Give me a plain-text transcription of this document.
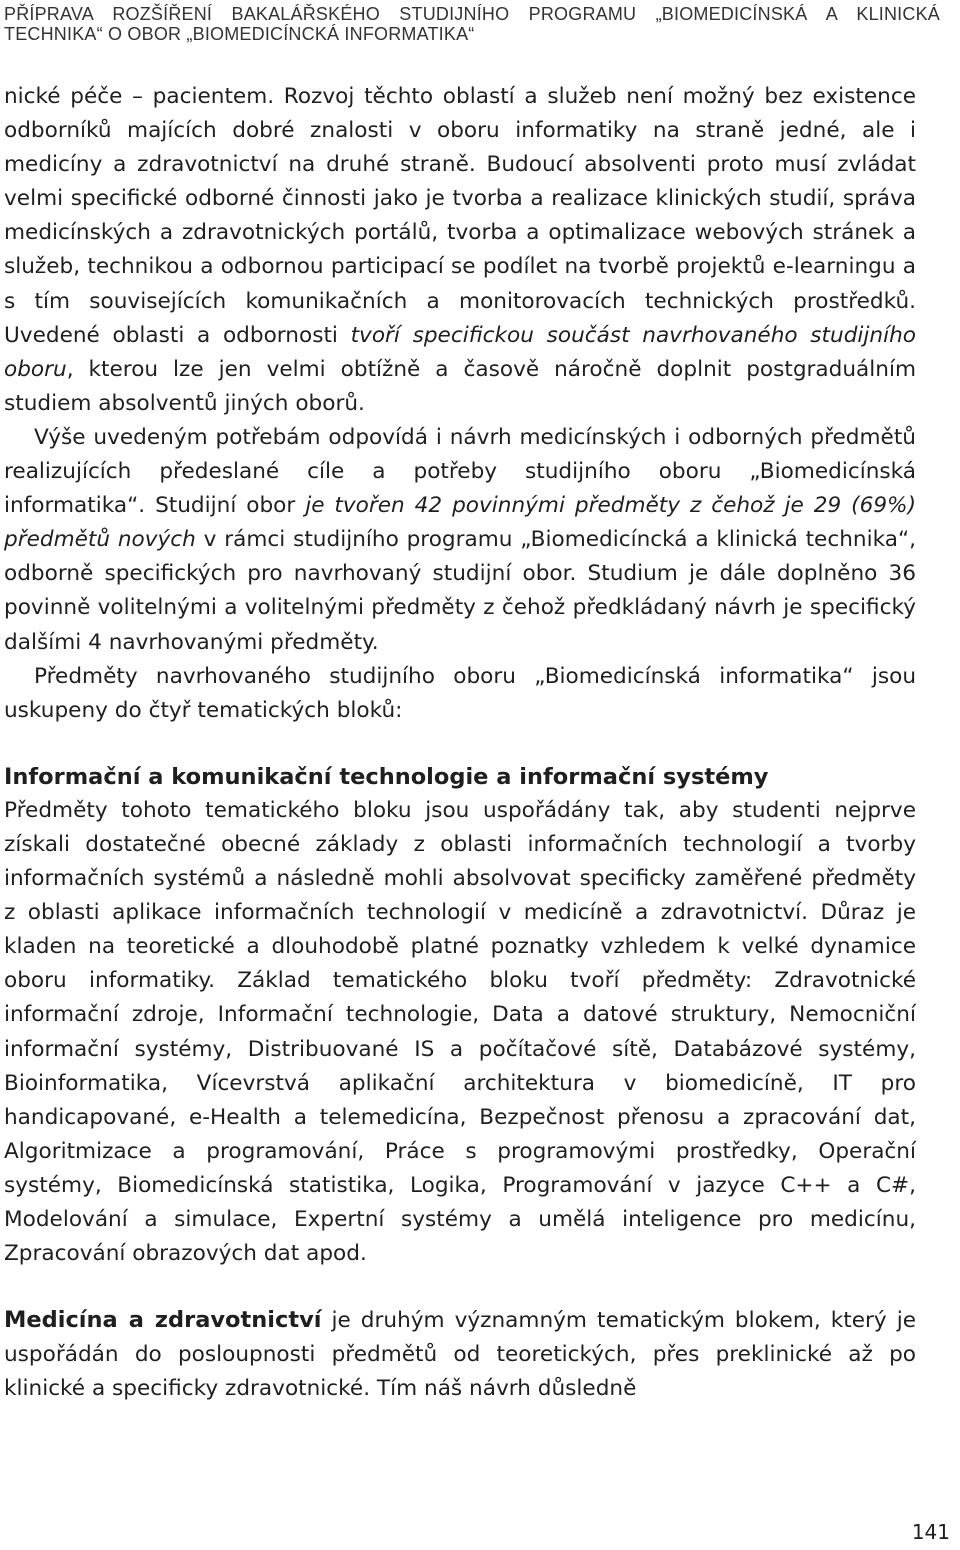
PŘÍPRAVA ROZŠÍŘENÍ BAKALÁŘSKÉHO STUDIJNÍHO PROGRAMU „BIOMEDICÍNSKÁ A KLINICKÁ TECHNIKA“ O OBOR „BIOMEDICÍNCKÁ INFORMATIKA“

nické péče – pacientem. Rozvoj těchto oblastí a služeb není možný bez existence odborníků majících dobré znalosti v oboru informatiky na straně jedné, ale i medicíny a zdravotnictví na druhé straně. Budoucí absolventi proto musí zvládat velmi specifické odborné činnosti jako je tvorba a realizace klinických studií, správa medicínských a zdravotnických portálů, tvorba a optimalizace webových stránek a služeb, technikou a odbornou participací se podílet na tvorbě projektů e-learningu a s tím souvisejících komunikačních a monitorovacích technických prostředků. Uvedené oblasti a odbornosti tvoří specifickou součást navrhovaného studijního oboru, kterou lze jen velmi obtížně a časově náročně doplnit postgraduálním studiem absolventů jiných oborů.

Výše uvedeným potřebám odpovídá i návrh medicínských i odborných předmětů realizujících předeslané cíle a potřeby studijního oboru „Biomedicínská informatika“. Studijní obor je tvořen 42 povinnými předměty z čehož je 29 (69%) předmětů nových v rámci studijního programu „Biomedicíncká a klinická technika“, odborně specifických pro navrhovaný studijní obor. Studium je dále doplněno 36 povinně volitelnými a volitelnými předměty z čehož předkládaný návrh je specifický dalšími 4 navrhovanými předměty.

Předměty navrhovaného studijního oboru „Biomedicínská informatika“ jsou uskupeny do čtyř tematických bloků:

Informační a komunikační technologie a informační systémy

Předměty tohoto tematického bloku jsou uspořádány tak, aby studenti nejprve získali dostatečné obecné základy z oblasti informačních technologií a tvorby informačních systémů a následně mohli absolvovat specificky zaměřené předměty z oblasti aplikace informačních technologií v medicíně a zdravotnictví. Důraz je kladen na teoretické a dlouhodobě platné poznatky vzhledem k velké dynamice oboru informatiky. Základ tematického bloku tvoří předměty: Zdravotnické informační zdroje, Informační technologie, Data a datové struktury, Nemocniční informační systémy, Distribuované IS a počítačové sítě, Databázové systémy, Bioinformatika, Vícevrstvá aplikační architektura v biomedicíně, IT pro handicapované, e-Health a telemedicína, Bezpečnost přenosu a zpracování dat, Algoritmizace a programování, Práce s programovými prostředky, Operační systémy, Biomedicínská statistika, Logika, Programování v jazyce C++ a C#, Modelování a simulace, Expertní systémy a umělá inteligence pro medicínu, Zpracování obrazových dat apod.

Medicína a zdravotnictví je druhým významným tematickým blokem, který je uspořádán do posloupnosti předmětů od teoretických, přes preklinické až po klinické a specificky zdravotnické. Tím náš návrh důsledně

141
